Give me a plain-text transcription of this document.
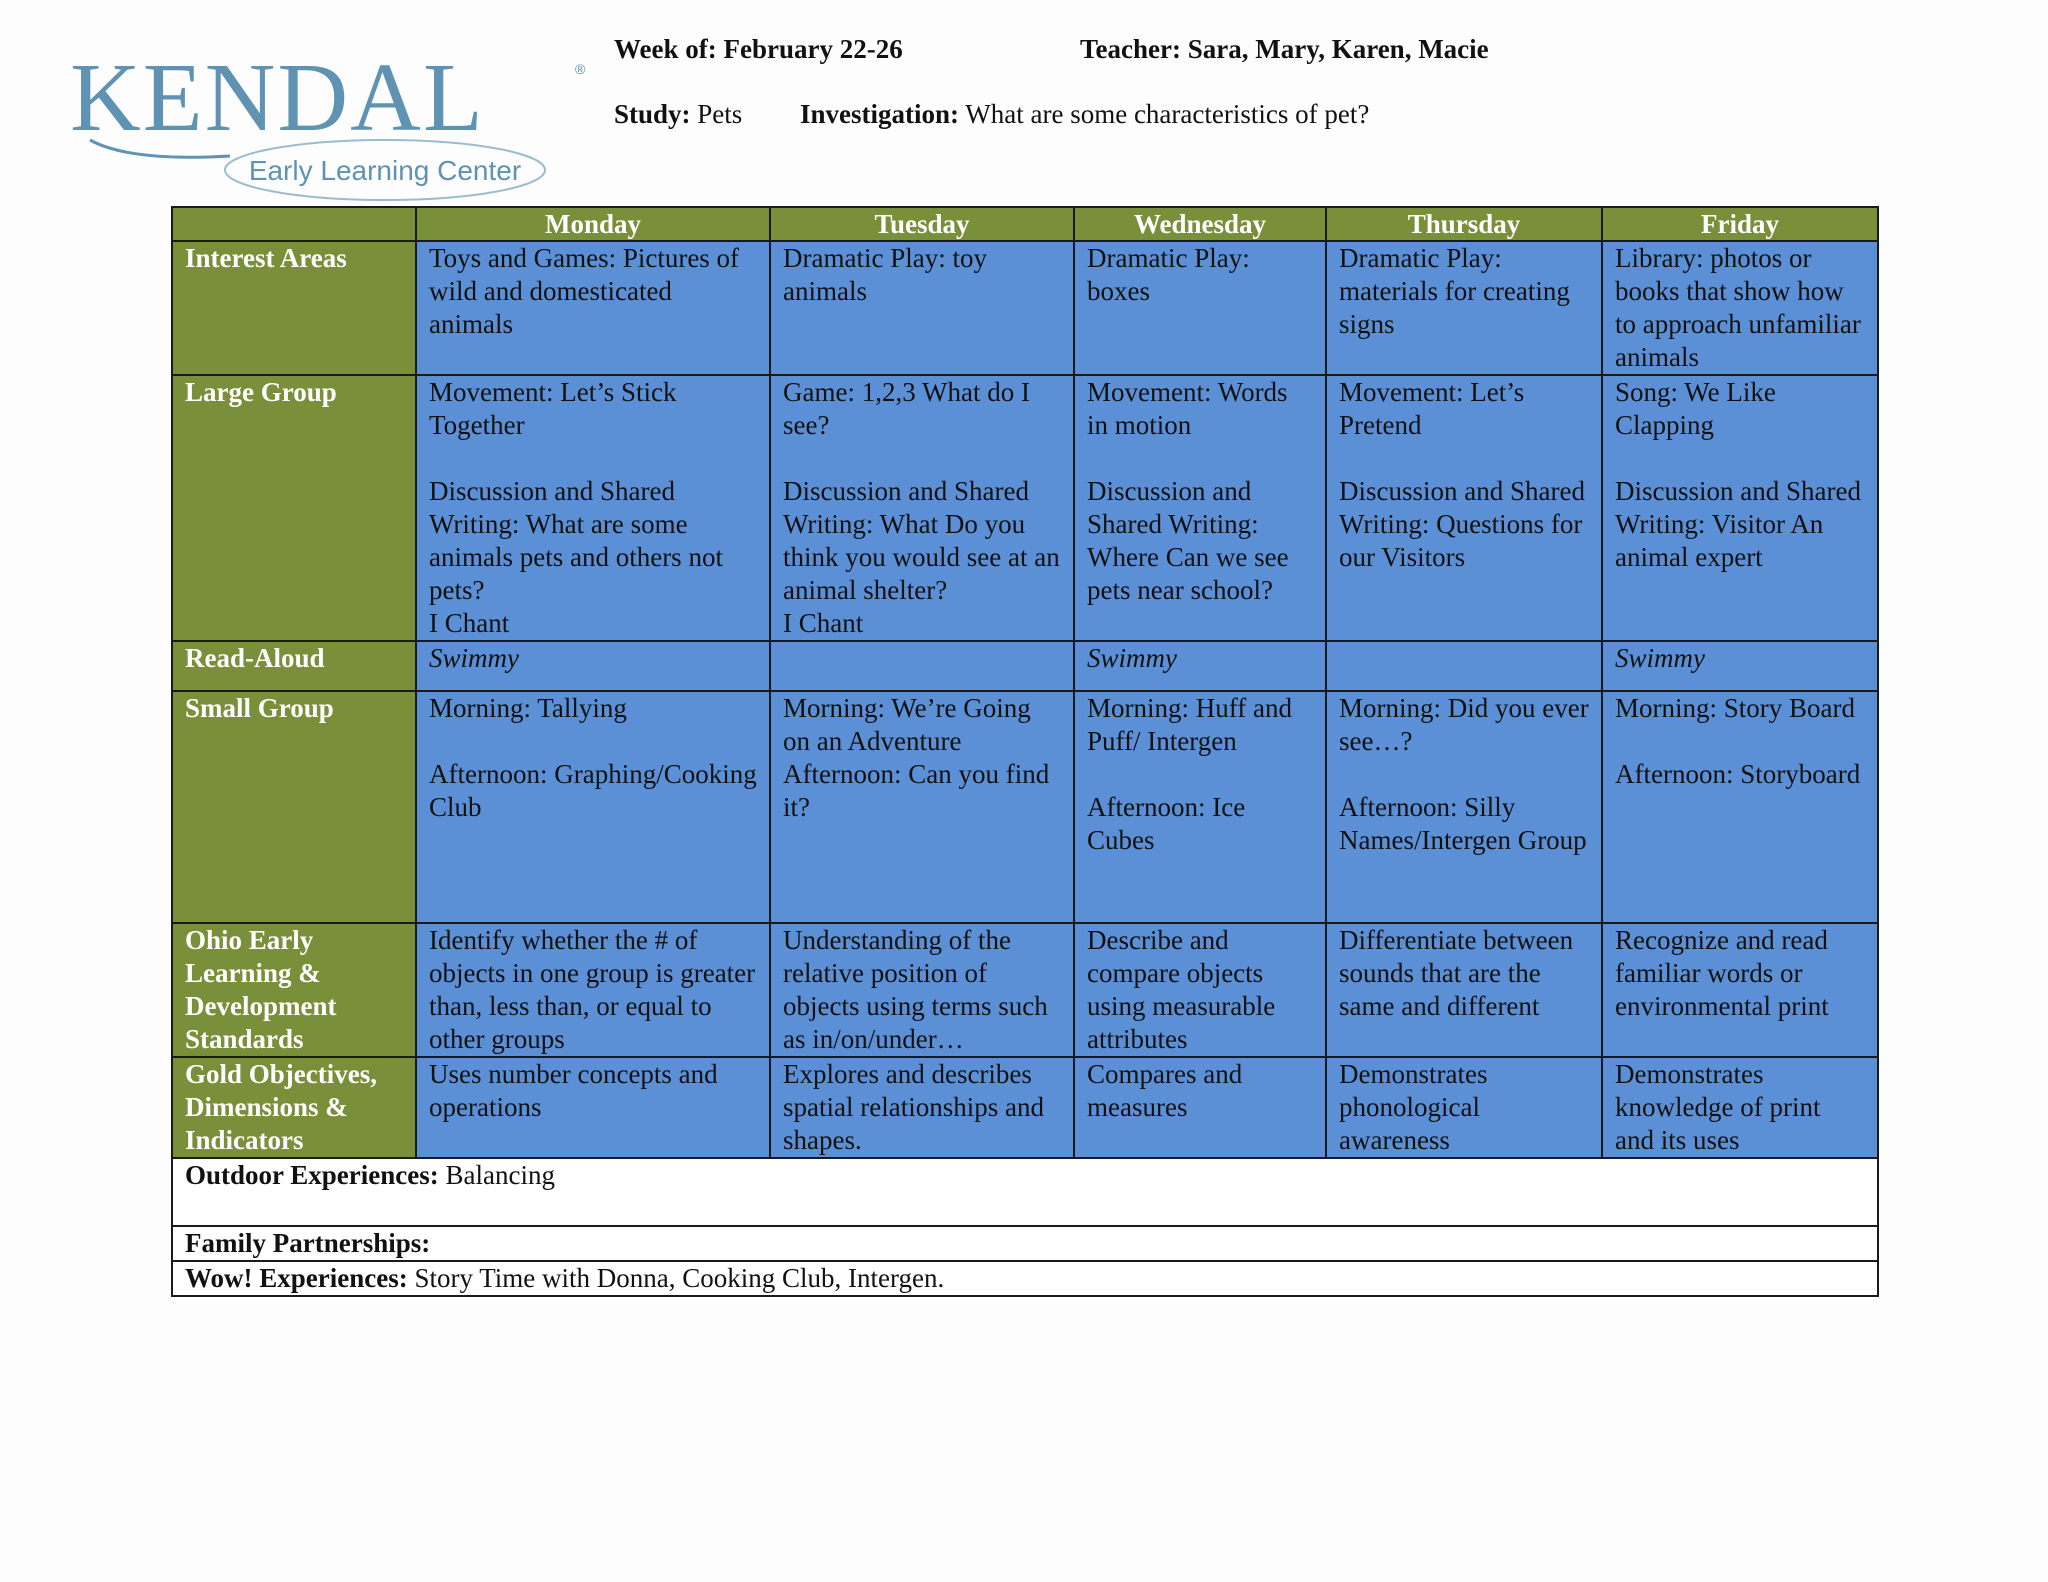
KENDAL	®
Early Learning Center
Week of: February 22-26	Teacher: Sara, Mary, Karen, Macie
Study: Pets Investigation: What are some characteristics of pet?
	Monday	Tuesday	Wednesday	Thursday	Friday
Interest Areas	Toys and Games: Pictures of wild and domesticated animals	Dramatic Play: toy animals	Dramatic Play: boxes	Dramatic Play: materials for creating signs	Library: photos or books that show how to approach unfamiliar animals
Large Group	Movement: Let’s Stick Together

Discussion and Shared Writing: What are some animals pets and others not pets?
I Chant	Game: 1,2,3 What do I see?

Discussion and Shared Writing: What Do you think you would see at an animal shelter?
I Chant	Movement: Words in motion

Discussion and Shared Writing: Where Can we see pets near school?	Movement: Let’s Pretend

Discussion and Shared Writing: Questions for our Visitors	Song: We Like Clapping

Discussion and Shared Writing: Visitor An animal expert
Read-Aloud	Swimmy		Swimmy		Swimmy
Small Group	Morning: Tallying

Afternoon: Graphing/Cooking Club	Morning: We’re Going on an Adventure
Afternoon: Can you find it?	Morning: Huff and Puff/ Intergen

Afternoon: Ice Cubes	Morning: Did you ever see…?

Afternoon: Silly Names/Intergen Group	Morning: Story Board

Afternoon: Storyboard
Ohio Early Learning & Development Standards	Identify whether the # of objects in one group is greater than, less than, or equal to other groups	Understanding of the relative position of objects using terms such as in/on/under…	Describe and compare objects using measurable attributes	Differentiate between sounds that are the same and different	Recognize and read familiar words or environmental print
Gold Objectives, Dimensions & Indicators	Uses number concepts and operations	Explores and describes spatial relationships and shapes.	Compares and measures	Demonstrates phonological awareness	Demonstrates knowledge of print and its uses
Outdoor Experiences: Balancing					
Family Partnerships:					
Wow! Experiences: Story Time with Donna, Cooking Club, Intergen.					
